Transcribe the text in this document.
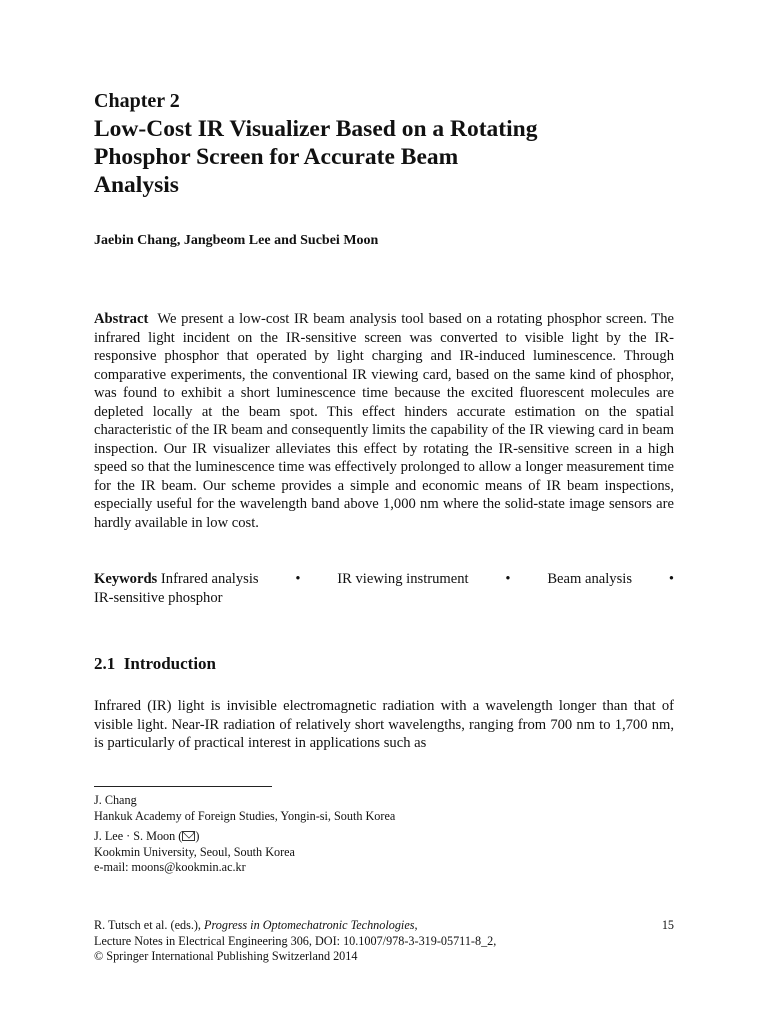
Chapter 2
Low-Cost IR Visualizer Based on a Rotating
Phosphor Screen for Accurate Beam
Analysis
Jaebin Chang, Jangbeom Lee and Sucbei Moon
Abstract We present a low-cost IR beam analysis tool based on a rotating phosphor screen. The infrared light incident on the IR-sensitive screen was converted to visible light by the IR-responsive phosphor that operated by light charging and IR-induced luminescence. Through comparative experiments, the conventional IR viewing card, based on the same kind of phosphor, was found to exhibit a short luminescence time because the excited fluorescent molecules are depleted locally at the beam spot. This effect hinders accurate estimation on the spatial characteristic of the IR beam and consequently limits the capability of the IR viewing card in beam inspection. Our IR visualizer alleviates this effect by rotating the IR-sensitive screen in a high speed so that the luminescence time was effectively prolonged to allow a longer measurement time for the IR beam. Our scheme provides a simple and economic means of IR beam inspections, especially useful for the wavelength band above 1,000 nm where the solid-state image sensors are hardly available in low cost.
Keywords Infrared analysis	•	IR viewing instrument	•	Beam analysis	•
IR-sensitive phosphor
2.1 Introduction
Infrared (IR) light is invisible electromagnetic radiation with a wavelength longer than that of visible light. Near-IR radiation of relatively short wavelengths, ranging from 700 nm to 1,700 nm, is particularly of practical interest in applications such as
J. Chang
Hankuk Academy of Foreign Studies, Yongin-si, South Korea
J. Lee · S. Moon ( )
Kookmin University, Seoul, South Korea
e-mail: moons@kookmin.ac.kr
R. Tutsch et al. (eds.), Progress in Optomechatronic Technologies,	15
Lecture Notes in Electrical Engineering 306, DOI: 10.1007/978-3-319-05711-8_2,
© Springer International Publishing Switzerland 2014
